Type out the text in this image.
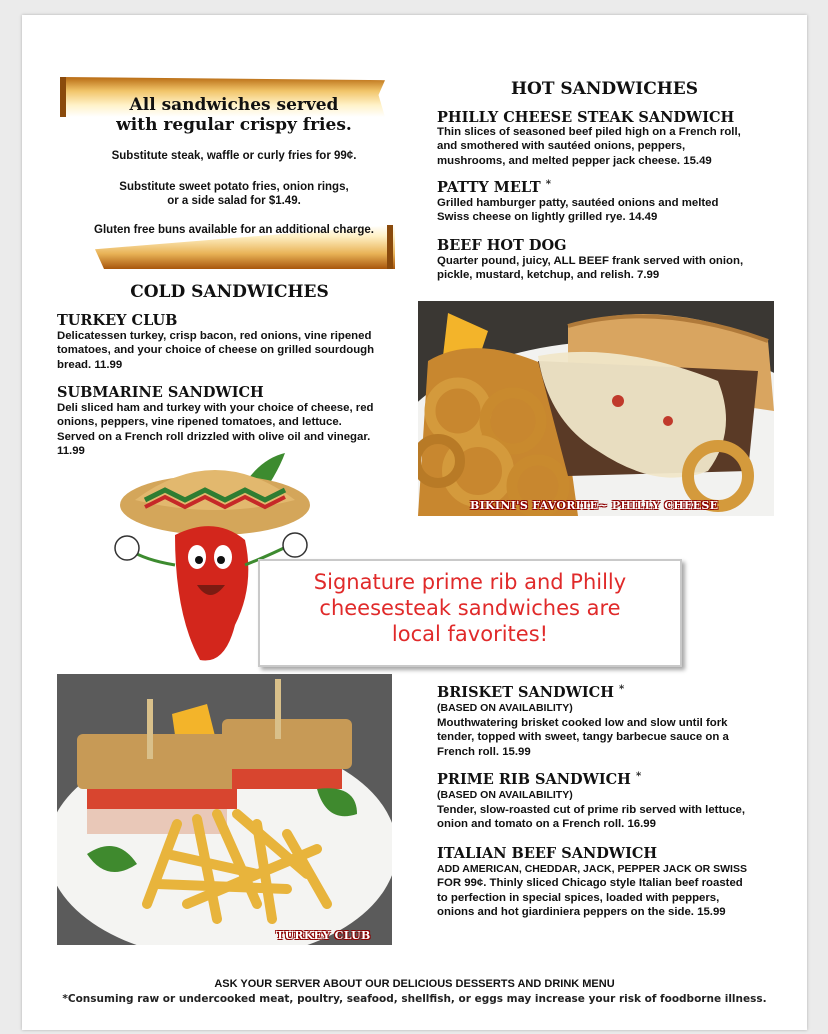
All sandwiches served
with regular crispy fries.
Substitute steak, waffle or curly fries for 99¢.
Substitute sweet potato fries, onion rings,
or a side salad for $1.49.
Gluten free buns available for an additional charge.
HOT SANDWICHES
PHILLY CHEESE STEAK SANDWICH
Thin slices of seasoned beef piled high on a French roll,
and smothered with sautéed onions, peppers,
mushrooms, and melted pepper jack cheese. 15.49
PATTY MELT *
Grilled hamburger patty, sautéed onions and melted
Swiss cheese on lightly grilled rye. 14.49
BEEF HOT DOG
Quarter pound, juicy, ALL BEEF frank served with onion,
pickle, mustard, ketchup, and relish. 7.99
COLD SANDWICHES
TURKEY CLUB
Delicatessen turkey, crisp bacon, red onions, vine ripened
tomatoes, and your choice of cheese on grilled sourdough
bread. 11.99
SUBMARINE SANDWICH
Deli sliced ham and turkey with your choice of cheese, red
onions, peppers, vine ripened tomatoes, and lettuce.
Served on a French roll drizzled with olive oil and vinegar.
11.99
BIKINI'S FAVORITE~ PHILLY CHEESE
Signature prime rib and Philly
cheesesteak sandwiches are
local favorites!
TURKEY CLUB
BRISKET SANDWICH *
(BASED ON AVAILABILITY)
Mouthwatering brisket cooked low and slow until fork
tender, topped with sweet, tangy barbecue sauce on a
French roll. 15.99
PRIME RIB SANDWICH *
(BASED ON AVAILABILITY)
Tender, slow-roasted cut of prime rib served with lettuce,
onion and tomato on a French roll. 16.99
ITALIAN BEEF SANDWICH
ADD AMERICAN, CHEDDAR, JACK, PEPPER JACK OR SWISS
FOR 99¢. Thinly sliced Chicago style Italian beef roasted
to perfection in special spices, loaded with peppers,
onions and hot giardiniera peppers on the side. 15.99
ASK YOUR SERVER ABOUT OUR DELICIOUS DESSERTS AND DRINK MENU
*Consuming raw or undercooked meat, poultry, seafood, shellfish, or eggs may increase your risk of foodborne illness.
